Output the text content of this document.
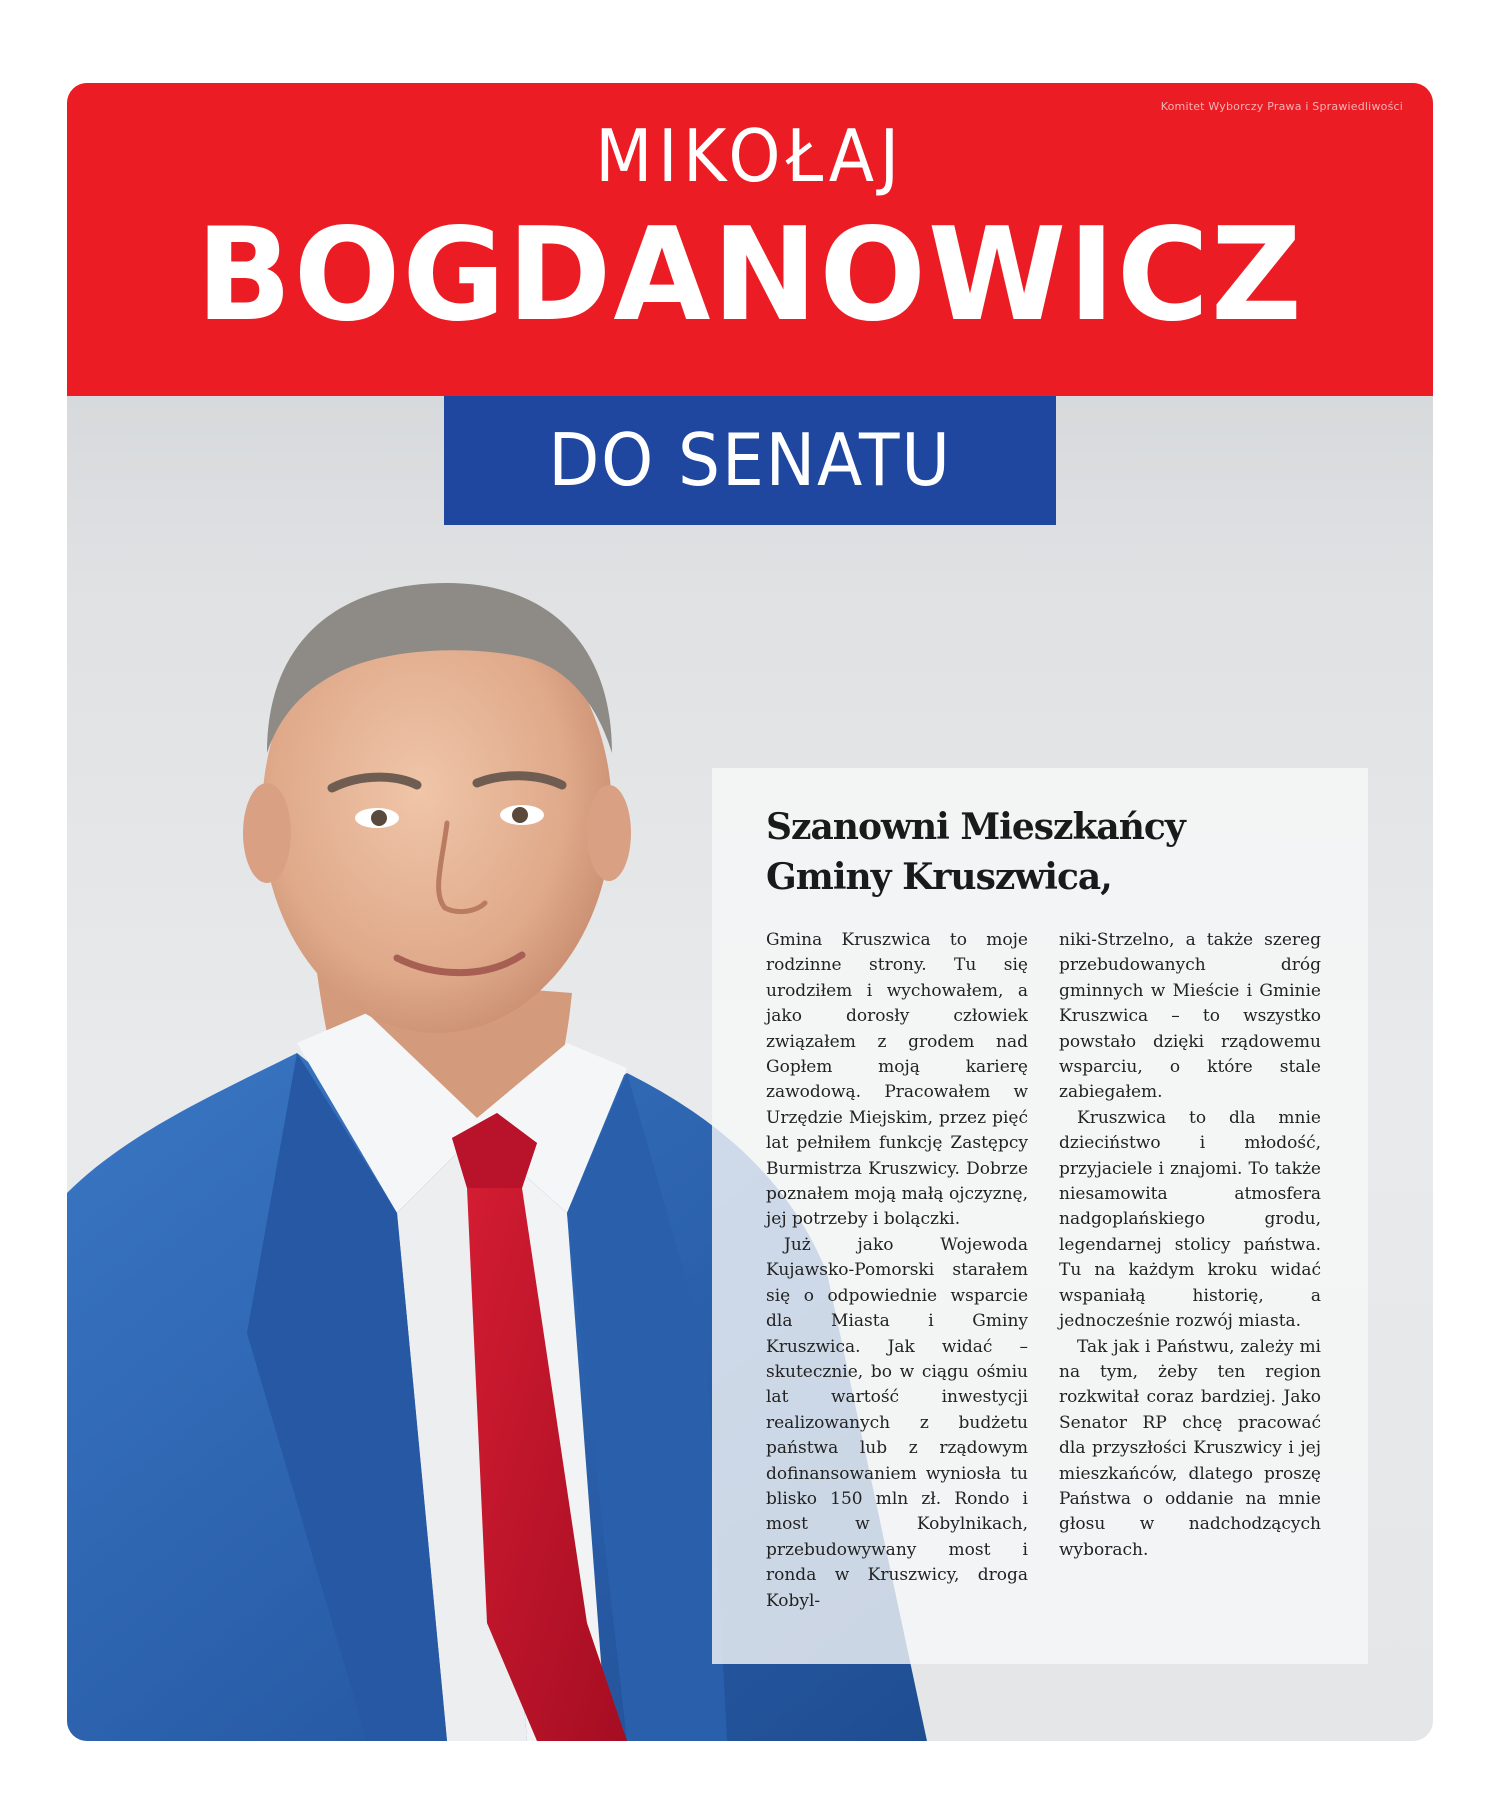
Komitet Wyborczy Prawa i Sprawiedliwości
MIKOŁAJ
BOGDANOWICZ
DO SENATU
Szanowni Mieszkańcy
Gminy Kruszwica,

Gmina Kruszwica to moje rodzinne strony. Tu się urodziłem i wychowałem, a jako dorosły człowiek związałem z grodem nad Gopłem moją karierę zawodową. Pracowałem w Urzędzie Miejskim, przez pięć lat pełniłem funkcję Zastępcy Burmistrza Kruszwicy. Dobrze poznałem moją małą ojczyznę, jej potrzeby i bolączki.

Już jako Wojewoda Kujawsko-Pomorski starałem się o odpowiednie wsparcie dla Miasta i Gminy Kruszwica. Jak widać – skutecznie, bo w ciągu ośmiu lat wartość inwestycji realizowanych z budżetu państwa lub z rządowym dofinansowaniem wyniosła tu blisko 150 mln zł. Rondo i most w Kobylnikach, przebudowywany most i ronda w Kruszwicy, droga Kobyl-

niki-Strzelno, a także szereg przebudowanych dróg gminnych w Mieście i Gminie Kruszwica – to wszystko powstało dzięki rządowemu wsparciu, o które stale zabiegałem.

Kruszwica to dla mnie dzieciństwo i młodość, przyjaciele i znajomi. To także niesamowita atmosfera nadgoplańskiego grodu, legendarnej stolicy państwa. Tu na każdym kroku widać wspaniałą historię, a jednocześnie rozwój miasta.

Tak jak i Państwu, zależy mi na tym, żeby ten region rozkwitał coraz bardziej. Jako Senator RP chcę pracować dla przyszłości Kruszwicy i jej mieszkańców, dlatego proszę Państwa o oddanie na mnie głosu w nadchodzących wyborach.
